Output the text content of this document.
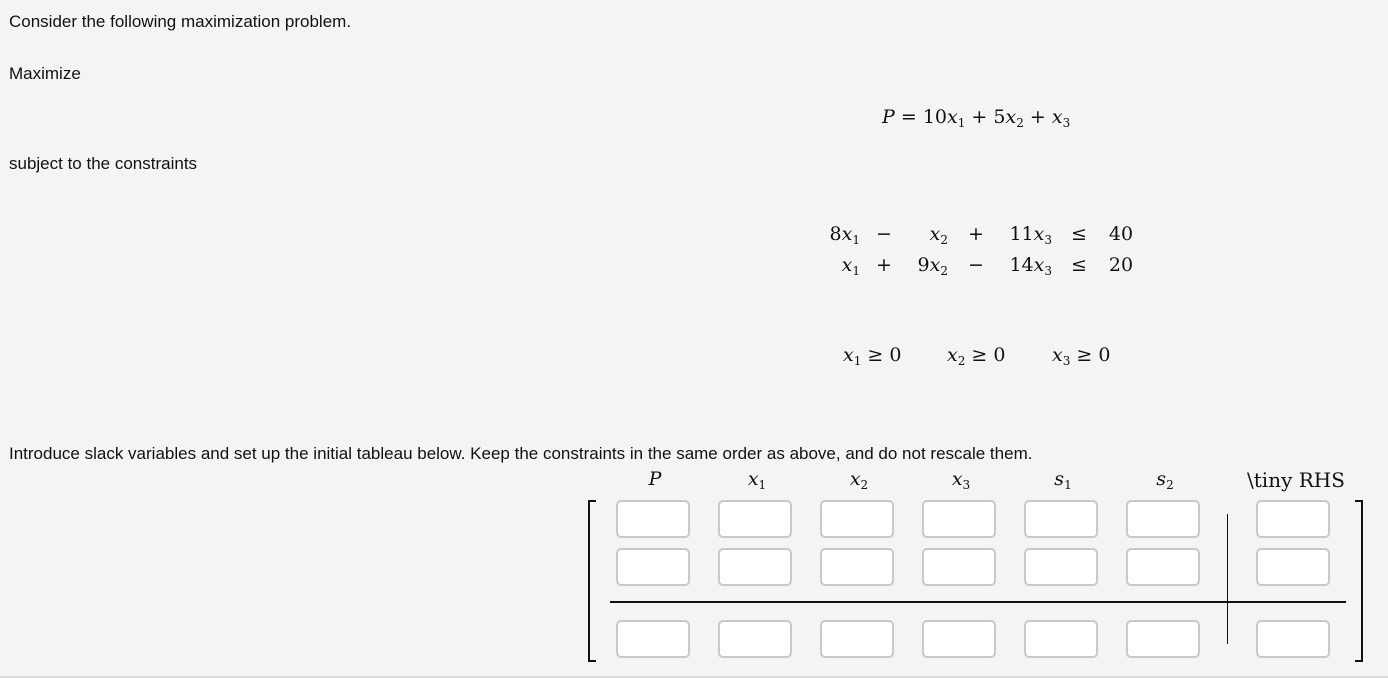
Consider the following maximization problem.
Maximize
$P = 10x_1 + 5x_2 + x_3$
subject to the constraints
$8x_1$ −	$x_2$ +	$11x_3 \le 40$
$x_1$ +	$9x_2$ −	$14x_3 \le 20$
$x_1 \ge 0$ $x_2 \ge 0$ $x_3 \ge 0$
Introduce slack variables and set up the initial tableau below. Keep the constraints in the same order as above, and do not rescale them.
P	$x_1$	$x_2$	$x_3$	$s_1$	$s_2$	\tiny RHS
